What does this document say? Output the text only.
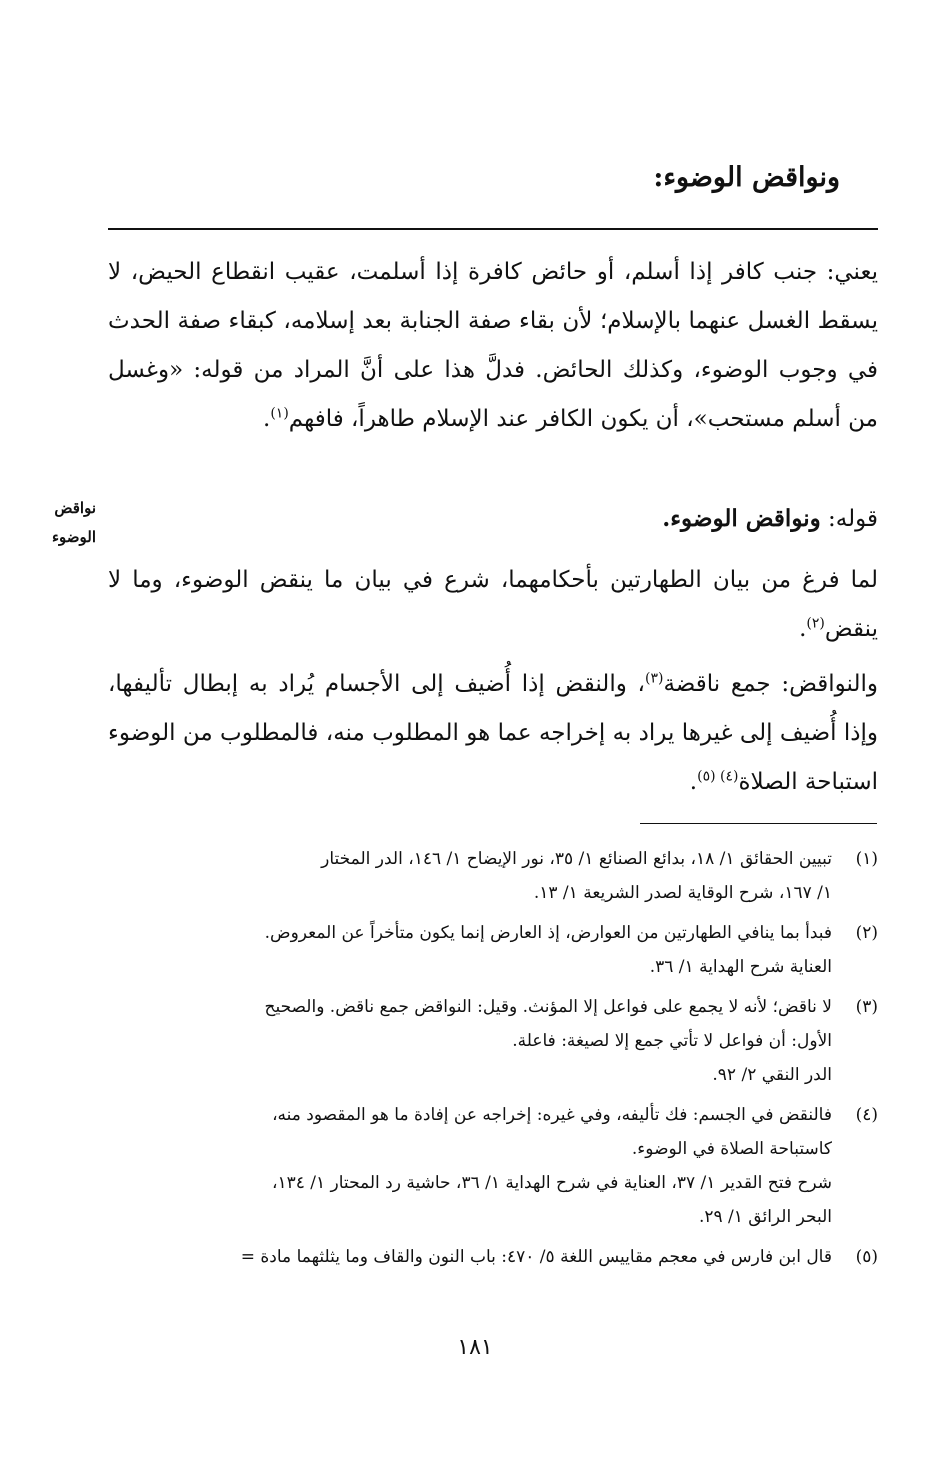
ونواقض الوضوء:

يعني: جنب كافر إذا أسلم، أو حائض كافرة إذا أسلمت، عقيب انقطاع الحيض، لا يسقط الغسل عنهما بالإسلام؛ لأن بقاء صفة الجنابة بعد إسلامه، كبقاء صفة الحدث في وجوب الوضوء، وكذلك الحائض. فدلَّ هذا على أنَّ المراد من قوله: «وغسل من أسلم مستحب»، أن يكون الكافر عند الإسلام طاهراً، فافهم$^{(١)}$.

نواقض
الوضوء

قوله: ونواقض الوضوء.

لما فرغ من بيان الطهارتين بأحكامهما، شرع في بيان ما ينقض الوضوء، وما لا ينقض$^{(٢)}$.

والنواقض: جمع ناقضة$^{(٣)}$، والنقض إذا أُضيف إلى الأجسام يُراد به إبطال تأليفها، وإذا أُضيف إلى غيرها يراد به إخراجه عما هو المطلوب منه، فالمطلوب من الوضوء استباحة الصلاة$^{(٤) (٥)}$.

(١)
تبيين الحقائق ١/ ١٨، بدائع الصنائع ١/ ٣٥، نور الإيضاح ١/ ١٤٦، الدر المختار
١/ ١٦٧، شرح الوقاية لصدر الشريعة ١/ ١٣.
(٢)
فبدأ بما ينافي الطهارتين من العوارض، إذ العارض إنما يكون متأخراً عن المعروض.
العناية شرح الهداية ١/ ٣٦.
(٣)
لا ناقض؛ لأنه لا يجمع على فواعل إلا المؤنث. وقيل: النواقض جمع ناقض. والصحيح
الأول: أن فواعل لا تأتي جمع إلا لصيغة: فاعلة.
الدر النقي ٢/ ٩٢.
(٤)
فالنقض في الجسم: فك تأليفه، وفي غيره: إخراجه عن إفادة ما هو المقصود منه،
كاستباحة الصلاة في الوضوء.
شرح فتح القدير ١/ ٣٧، العناية في شرح الهداية ١/ ٣٦، حاشية رد المحتار ١/ ١٣٤،
البحر الرائق ١/ ٢٩.
(٥)
قال ابن فارس في معجم مقاييس اللغة ٥/ ٤٧٠: باب النون والقاف وما يثلثهما مادة =
١٨١
